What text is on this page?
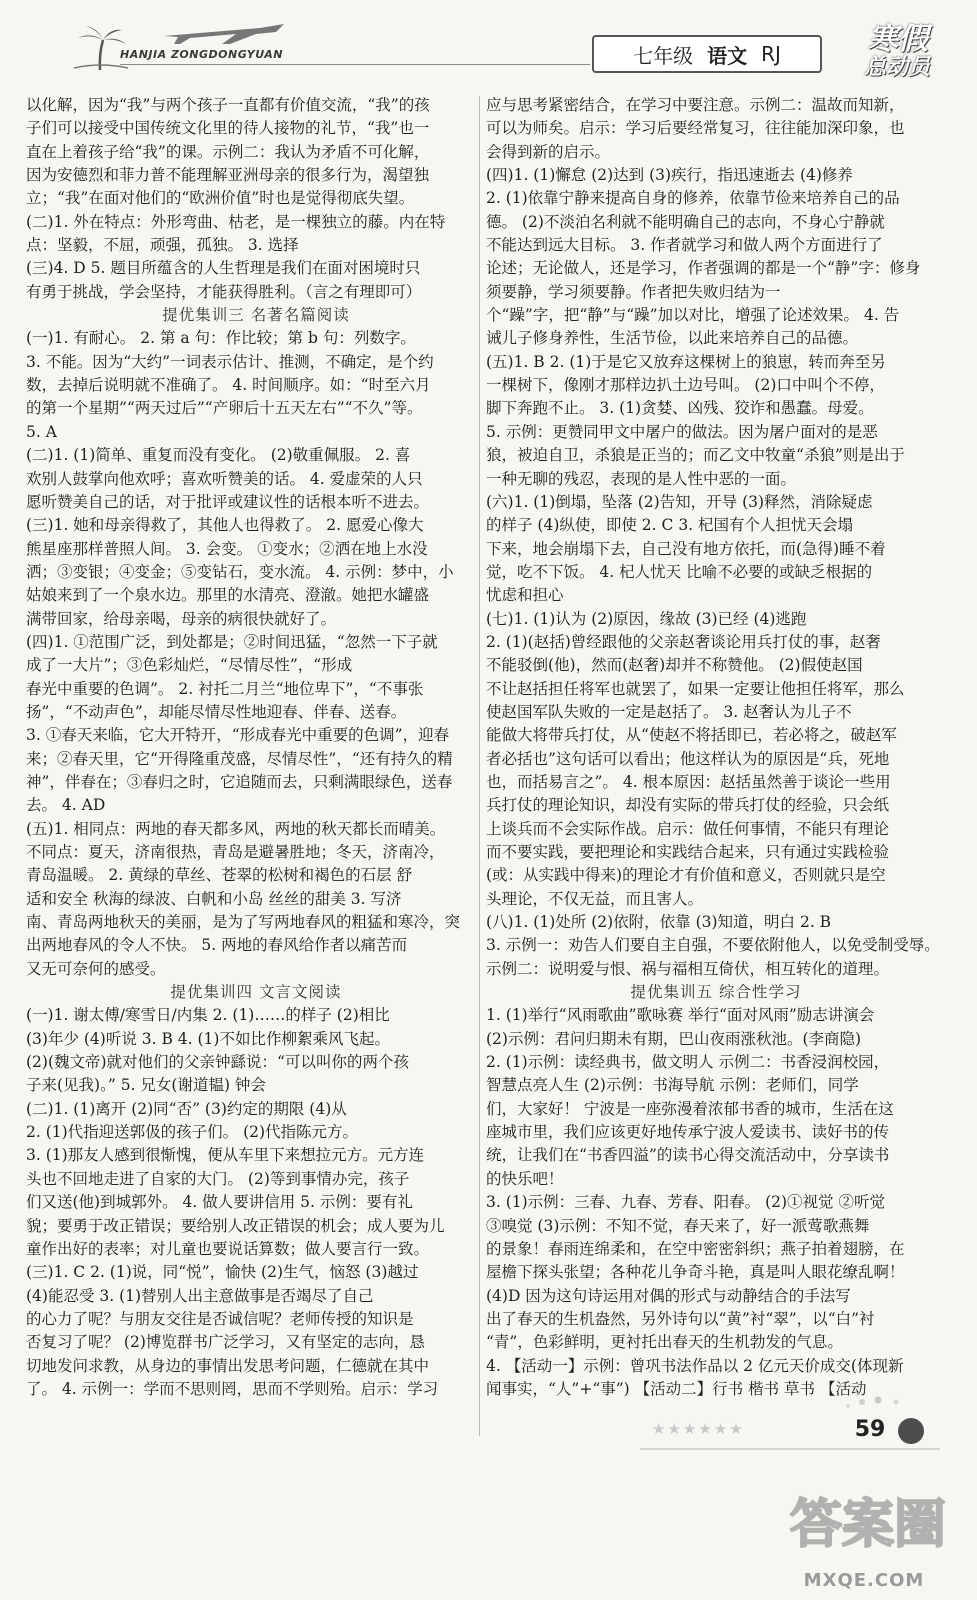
HANJIA ZONGDONGYUAN	七年级 语文 RJ	寒假
总动员
以化解，因为“我”与两个孩子一直都有价值交流，“我”的孩
子们可以接受中国传统文化里的待人接物的礼节，“我”也一
直在上着孩子给“我”的课。示例二：我认为矛盾不可化解，
因为安德烈和菲力普不能理解亚洲母亲的很多行为，渴望独
立；“我”在面对他们的“欧洲价值”时也是觉得彻底失望。
(二)1. 外在特点：外形弯曲、枯老，是一棵独立的藤。内在特
点：坚毅，不屈，顽强，孤独。 3. 选择
(三)4. D 5. 题目所蕴含的人生哲理是我们在面对困境时只
有勇于挑战，学会坚持，才能获得胜利。（言之有理即可）
提优集训三 名著名篇阅读
(一)1. 有耐心。 2. 第 a 句：作比较；第 b 句：列数字。
3. 不能。因为“大约”一词表示估计、推测，不确定，是个约
数，去掉后说明就不准确了。 4. 时间顺序。如：“时至六月
的第一个星期”“两天过后”“产卵后十五天左右”“不久”等。
5. A
(二)1. (1)简单、重复而没有变化。 (2)敬重佩服。 2. 喜
欢别人鼓掌向他欢呼；喜欢听赞美的话。 4. 爱虚荣的人只
愿听赞美自己的话，对于批评或建议性的话根本听不进去。
(三)1. 她和母亲得救了，其他人也得救了。 2. 愿爱心像大
熊星座那样普照人间。 3. 会变。 ①变水；②洒在地上水没
洒；③变银；④变金；⑤变钻石，变水流。 4. 示例：梦中，小
姑娘来到了一个泉水边。那里的水清亮、澄澈。她把水罐盛
满带回家，给母亲喝，母亲的病很快就好了。
(四)1. ①范围广泛，到处都是；②时间迅猛，“忽然一下子就
成了一大片”；③色彩灿烂，“尽情尽性”，“形成
春光中重要的色调”。 2. 衬托二月兰“地位卑下”，“不事张
扬”，“不动声色”，却能尽情尽性地迎春、伴春、送春。
3. ①春天来临，它大开特开，“形成春光中重要的色调”，迎春
来；②春天里，它“开得隆重茂盛，尽情尽性”，“还有持久的精
神”，伴春在；③春归之时，它追随而去，只剩满眼绿色，送春
去。 4. AD
(五)1. 相同点：两地的春天都多风，两地的秋天都长而晴美。
不同点：夏天，济南很热，青岛是避暑胜地；冬天，济南冷，
青岛温暖。 2. 黄绿的草丝、苍翠的松树和褐色的石层 舒
适和安全 秋海的绿波、白帆和小岛 丝丝的甜美 3. 写济
南、青岛两地秋天的美丽，是为了写两地春风的粗猛和寒冷，突
出两地春风的令人不快。 5. 两地的春风给作者以痛苦而
又无可奈何的感受。
提优集训四 文言文阅读
(一)1. 谢太傅/寒雪日/内集 2. (1)……的样子 (2)相比
(3)年少 (4)听说 3. B 4. (1)不如比作柳絮乘风飞起。
(2)(魏文帝)就对他们的父亲钟繇说：“可以叫你的两个孩
子来(见我)。” 5. 兄女(谢道韫) 钟会
(二)1. (1)离开 (2)同“否” (3)约定的期限 (4)从
2. (1)代指迎送郭伋的孩子们。 (2)代指陈元方。
3. (1)那友人感到很惭愧，便从车里下来想拉元方。元方连
头也不回地走进了自家的大门。 (2)等到事情办完，孩子
们又送(他)到城郭外。 4. 做人要讲信用 5. 示例：要有礼
貌；要勇于改正错误；要给别人改正错误的机会；成人要为儿
童作出好的表率；对儿童也要说话算数；做人要言行一致。
(三)1. C 2. (1)说，同“悦”，愉快 (2)生气，恼怒 (3)越过
(4)能忍受 3. (1)替别人出主意做事是否竭尽了自己
的心力了呢？与朋友交往是否诚信呢？老师传授的知识是
否复习了呢？ (2)博览群书广泛学习，又有坚定的志向，恳
切地发问求教，从身边的事情出发思考问题，仁德就在其中
了。 4. 示例一：学而不思则罔，思而不学则殆。启示：学习
应与思考紧密结合，在学习中要注意。示例二：温故而知新，
可以为师矣。启示：学习后要经常复习，往往能加深印象，也
会得到新的启示。
(四)1. (1)懈怠 (2)达到 (3)疾行，指迅速逝去 (4)修养
2. (1)依靠宁静来提高自身的修养，依靠节俭来培养自己的品
德。 (2)不淡泊名利就不能明确自己的志向，不身心宁静就
不能达到远大目标。 3. 作者就学习和做人两个方面进行了
论述；无论做人，还是学习，作者强调的都是一个“静”字：修身
须要静，学习须要静。作者把失败归结为一
个“躁”字，把“静”与“躁”加以对比，增强了论述效果。 4. 告
诫儿子修身养性，生活节俭，以此来培养自己的品德。
(五)1. B 2. (1)于是它又放弃这棵树上的狼崽，转而奔至另
一棵树下，像刚才那样边扒土边号叫。 (2)口中叫个不停，
脚下奔跑不止。 3. (1)贪婪、凶残、狡诈和愚蠢。母爱。
5. 示例：更赞同甲文中屠户的做法。因为屠户面对的是恶
狼，被迫自卫，杀狼是正当的；而乙文中牧童“杀狼”则是出于
一种无聊的残忍，表现的是人性中恶的一面。
(六)1. (1)倒塌，坠落 (2)告知，开导 (3)释然，消除疑虑
的样子 (4)纵使，即使 2. C 3. 杞国有个人担忧天会塌
下来，地会崩塌下去，自己没有地方依托，而(急得)睡不着
觉，吃不下饭。 4. 杞人忧天 比喻不必要的或缺乏根据的
忧虑和担心
(七)1. (1)认为 (2)原因，缘故 (3)已经 (4)逃跑
2. (1)(赵括)曾经跟他的父亲赵奢谈论用兵打仗的事，赵奢
不能驳倒(他)，然而(赵奢)却并不称赞他。 (2)假使赵国
不让赵括担任将军也就罢了，如果一定要让他担任将军，那么
使赵国军队失败的一定是赵括了。 3. 赵奢认为儿子不
能做大将带兵打仗，从“使赵不将括即已，若必将之，破赵军
者必括也”这句话可以看出；他这样认为的原因是“兵，死地
也，而括易言之”。 4. 根本原因：赵括虽然善于谈论一些用
兵打仗的理论知识，却没有实际的带兵打仗的经验，只会纸
上谈兵而不会实际作战。启示：做任何事情，不能只有理论
而不要实践，要把理论和实践结合起来，只有通过实践检验
(或：从实践中得来)的理论才有价值和意义，否则就只是空
头理论，不仅无益，而且害人。
(八)1. (1)处所 (2)依附，依靠 (3)知道，明白 2. B
3. 示例一：劝告人们要自主自强，不要依附他人，以免受制受辱。
示例二：说明爱与恨、祸与福相互倚伏，相互转化的道理。
提优集训五 综合性学习
1. (1)举行“风雨歌曲”歌咏赛 举行“面对风雨”励志讲演会
(2)示例：君问归期未有期，巴山夜雨涨秋池。(李商隐)
2. (1)示例：读经典书，做文明人 示例二：书香浸润校园，
智慧点亮人生 (2)示例：书海导航 示例：老师们，同学
们，大家好！ 宁波是一座弥漫着浓郁书香的城市，生活在这
座城市里，我们应该更好地传承宁波人爱读书、读好书的传
统，让我们在“书香四溢”的读书心得交流活动中，分享读书
的快乐吧！
3. (1)示例：三春、九春、芳春、阳春。 (2)①视觉 ②听觉
③嗅觉 (3)示例：不知不觉，春天来了，好一派莺歌燕舞
的景象！春雨连绵柔和，在空中密密斜织；燕子拍着翅膀，在
屋檐下探头张望；各种花儿争奇斗艳，真是叫人眼花缭乱啊！
(4)D 因为这句诗运用对偶的形式与动静结合的手法写
出了春天的生机盎然，另外诗句以“黄”衬“翠”，以“白”衬
“青”，色彩鲜明，更衬托出春天的生机勃发的气息。
4. 【活动一】示例：曾巩书法作品以 2 亿元天价成交(体现新
闻事实，“人”+“事”) 【活动二】行书 楷书 草书 【活动
★★★★★★	59
答案圈
MXQE.COM
